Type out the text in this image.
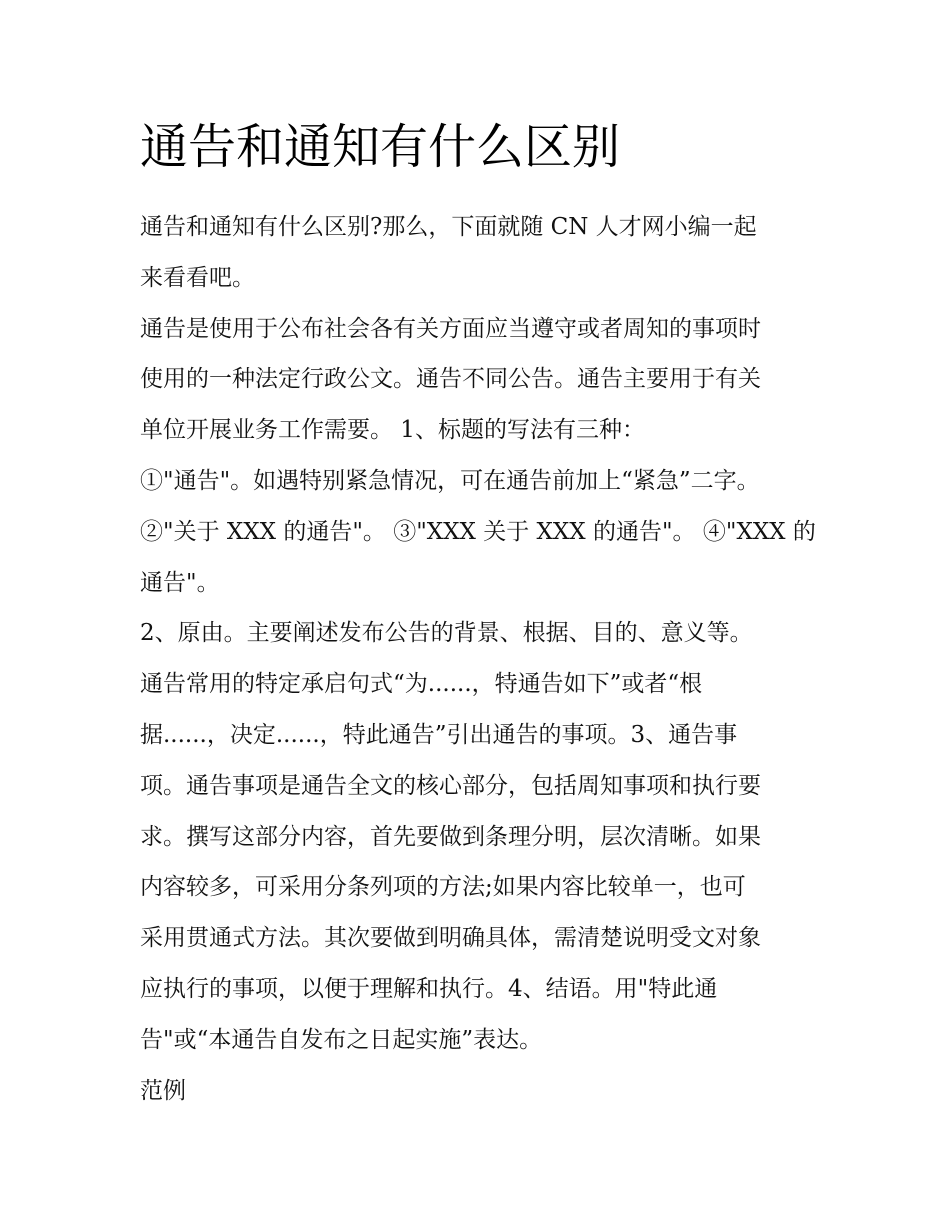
通告和通知有什么区别
通告和通知有什么区别?那么，下面就随 CN 人才网小编一起
来看看吧。
通告是使用于公布社会各有关方面应当遵守或者周知的事项时
使用的一种法定行政公文。通告不同公告。通告主要用于有关
单位开展业务工作需要。 1、标题的写法有三种：
①"通告"。如遇特别紧急情况，可在通告前加上“紧急”二字。
②"关于 XXX 的通告"。 ③"XXX 关于 XXX 的通告"。 ④"XXX 的
通告"。
2、原由。主要阐述发布公告的背景、根据、目的、意义等。
通告常用的特定承启句式“为......，特通告如下”或者“根
据......，决定......，特此通告”引出通告的事项。3、通告事
项。通告事项是通告全文的核心部分，包括周知事项和执行要
求。撰写这部分内容，首先要做到条理分明，层次清晰。如果
内容较多，可采用分条列项的方法;如果内容比较单一，也可
采用贯通式方法。其次要做到明确具体，需清楚说明受文对象
应执行的事项，以便于理解和执行。4、结语。用"特此通
告"或“本通告自发布之日起实施”表达。
范例
